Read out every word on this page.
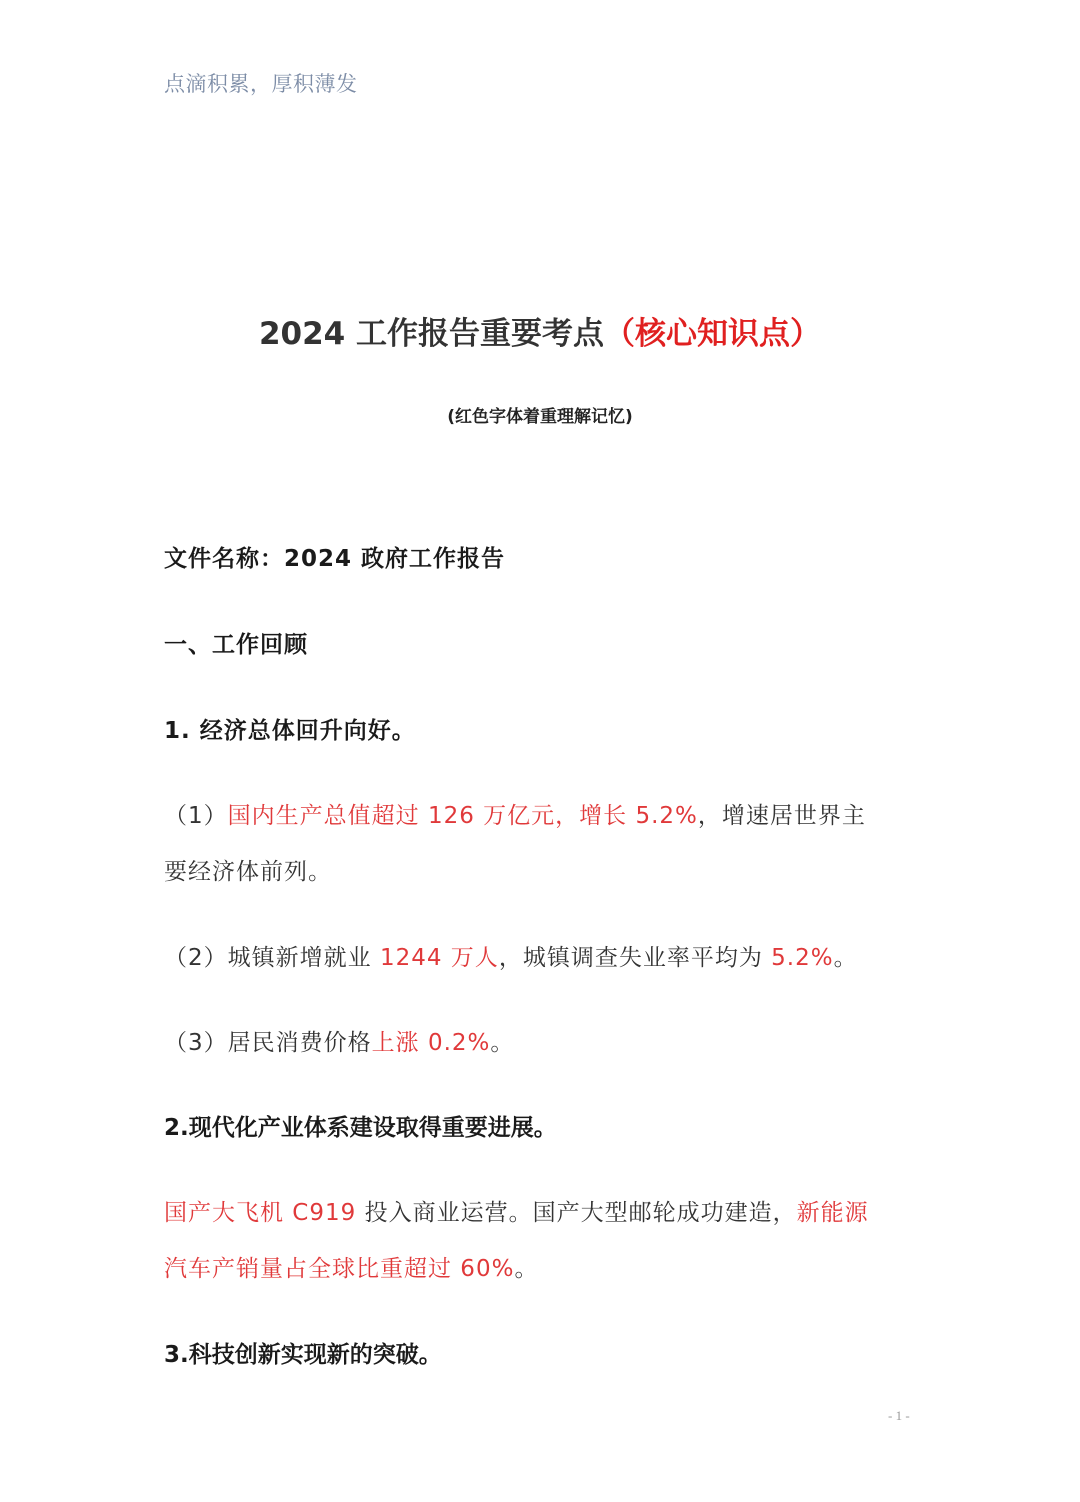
点滴积累，厚积薄发
2024 工作报告重要考点（核心知识点）
(红色字体着重理解记忆)
文件名称：2024 政府工作报告
一、工作回顾
1. 经济总体回升向好。
（1）国内生产总值超过 126 万亿元，增长 5.2%，增速居世界主
要经济体前列。
（2）城镇新增就业 1244 万人，城镇调查失业率平均为 5.2%。
（3）居民消费价格上涨 0.2%。
2.现代化产业体系建设取得重要进展。
国产大飞机 C919 投入商业运营。国产大型邮轮成功建造，新能源
汽车产销量占全球比重超过 60%。
3.科技创新实现新的突破。
- 1 -
